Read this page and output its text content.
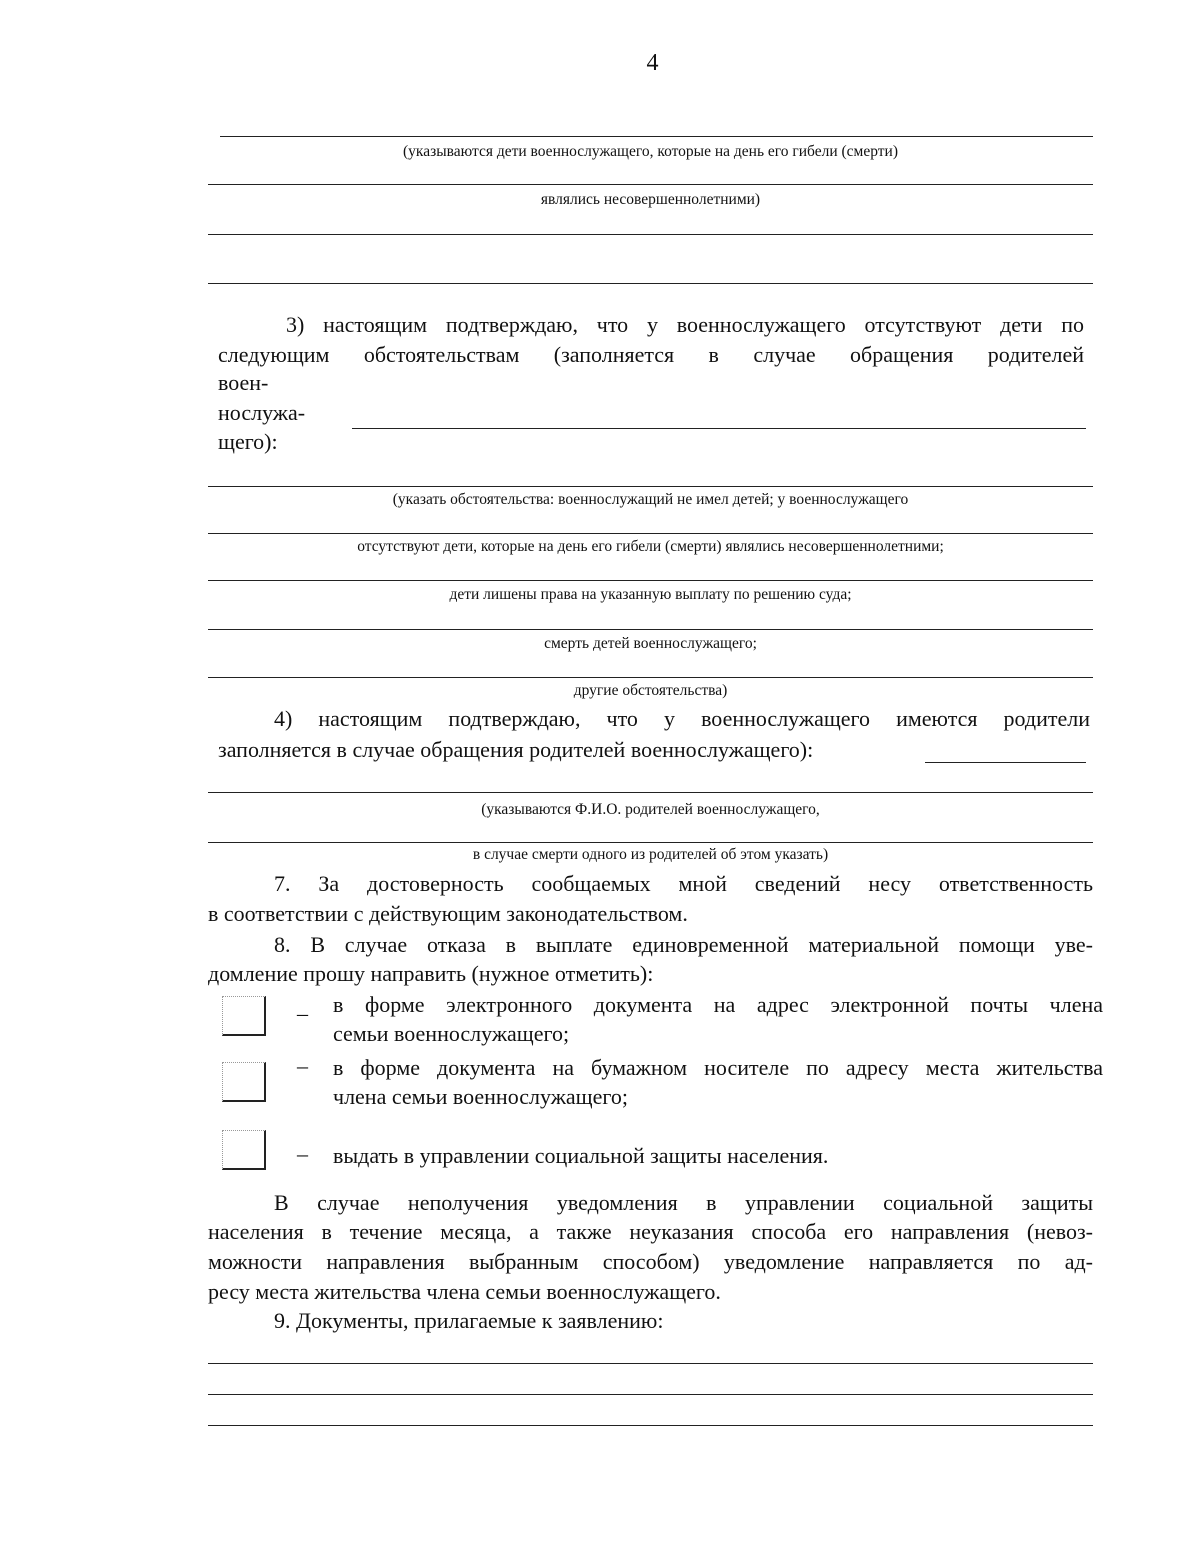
4
(указываются дети военнослужащего, которые на день его гибели (смерти)
являлись несовершеннолетними)
3) настоящим подтверждаю, что у военнослужащего отсутствуют дети по
следующим обстоятельствам (заполняется в случае обращения родителей
воен-
нослужа-
щего):
(указать обстоятельства: военнослужащий не имел детей; у военнослужащего
отсутствуют дети, которые на день его гибели (смерти) являлись несовершеннолетними;
дети лишены права на указанную выплату по решению суда;
смерть детей военнослужащего;
другие обстоятельства)
4) настоящим подтверждаю, что у военнослужащего имеются родители
заполняется в случае обращения родителей военнослужащего):
(указываются Ф.И.О. родителей военнослужащего,
в случае смерти одного из родителей об этом указать)
7. За достоверность сообщаемых мной сведений несу ответственность
в соответствии с действующим законодательством.
8. В случае отказа в выплате единовременной материальной помощи уве-
домление прошу направить (нужное отметить):
_ в форме электронного документа на адрес электронной почты члена
семьи военнослужащего;
– в форме документа на бумажном носителе по адресу места жительства
члена семьи военнослужащего;
– выдать в управлении социальной защиты населения.
В случае неполучения уведомления в управлении социальной защиты
населения в течение месяца, а также неуказания способа его направления (невоз-
можности направления выбранным способом) уведомление направляется по ад-
ресу места жительства члена семьи военнослужащего.
9. Документы, прилагаемые к заявлению:
